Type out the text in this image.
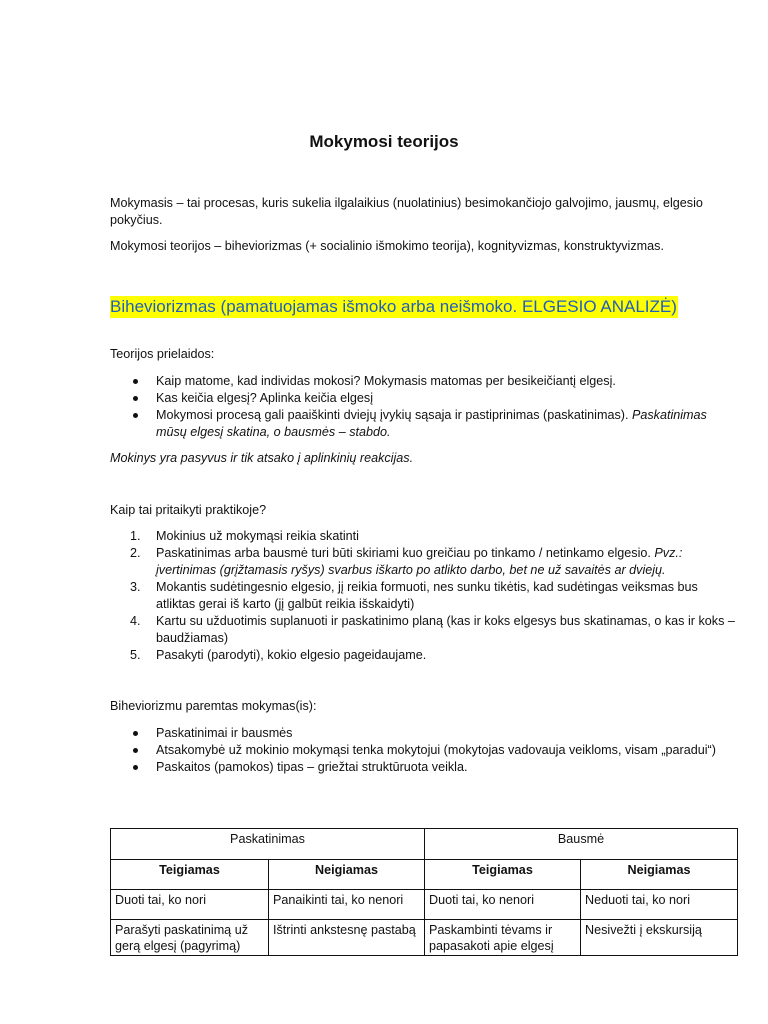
Mokymosi teorijos

Mokymasis – tai procesas, kuris sukelia ilgalaikius (nuolatinius) besimokančiojo galvojimo, jausmų, elgesio pokyčius.

Mokymosi teorijos – biheviorizmas (+ socialinio išmokimo teorija), kognityvizmas, konstruktyvizmas.

Biheviorizmas (pamatuojamas išmoko arba neišmoko. ELGESIO ANALIZĖ)

Teorijos prielaidos:

Kaip matome, kad individas mokosi? Mokymasis matomas per besikeičiantį elgesį.
Kas keičia elgesį? Aplinka keičia elgesį
Mokymosi procesą gali paaiškinti dviejų įvykių sąsaja ir pastiprinimas (paskatinimas). Paskatinimas mūsų elgesį skatina, o bausmės – stabdo.

Mokinys yra pasyvus ir tik atsako į aplinkinių reakcijas.

Kaip tai pritaikyti praktikoje?

1.	Mokinius už mokymąsi reikia skatinti
2.	Paskatinimas arba bausmė turi būti skiriami kuo greičiau po tinkamo / netinkamo elgesio. Pvz.: įvertinimas (grįžtamasis ryšys) svarbus iškarto po atlikto darbo, bet ne už savaitės ar dviejų.
3.	Mokantis sudėtingesnio elgesio, jį reikia formuoti, nes sunku tikėtis, kad sudėtingas veiksmas bus atliktas gerai iš karto (jį galbūt reikia išskaidyti)
4.	Kartu su užduotimis suplanuoti ir paskatinimo planą (kas ir koks elgesys bus skatinamas, o kas ir koks – baudžiamas)
5.	Pasakyti (parodyti), kokio elgesio pageidaujame.

Biheviorizmu paremtas mokymas(is):

Paskatinimai ir bausmės
Atsakomybė už mokinio mokymąsi tenka mokytojui (mokytojas vadovauja veikloms, visam „paradui“)
Paskaitos (pamokos) tipas – griežtai struktūruota veikla.
Paskatinimas		Bausmė	
Teigiamas	Neigiamas	Teigiamas	Neigiamas
Duoti tai, ko nori	Panaikinti tai, ko nenori	Duoti tai, ko nenori	Neduoti tai, ko nori
Parašyti paskatinimą už gerą elgesį (pagyrimą)	Ištrinti ankstesnę pastabą	Paskambinti tėvams ir papasakoti apie elgesį	Nesivežti į ekskursiją
